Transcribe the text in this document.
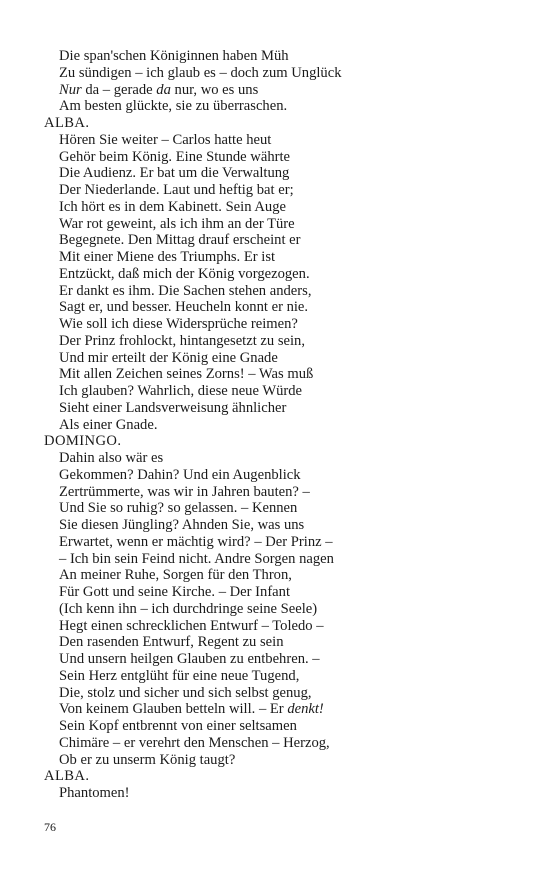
Die span'schen Königinnen haben Müh
Zu sündigen – ich glaub es – doch zum Unglück
Nur da – gerade da nur, wo es uns
Am besten glückte, sie zu überraschen.
ALBA.
Hören Sie weiter – Carlos hatte heut
Gehör beim König. Eine Stunde währte
Die Audienz. Er bat um die Verwaltung
Der Niederlande. Laut und heftig bat er;
Ich hört es in dem Kabinett. Sein Auge
War rot geweint, als ich ihm an der Türe
Begegnete. Den Mittag drauf erscheint er
Mit einer Miene des Triumphs. Er ist
Entzückt, daß mich der König vorgezogen.
Er dankt es ihm. Die Sachen stehen anders,
Sagt er, und besser. Heucheln konnt er nie.
Wie soll ich diese Widersprüche reimen?
Der Prinz frohlockt, hintangesetzt zu sein,
Und mir erteilt der König eine Gnade
Mit allen Zeichen seines Zorns! – Was muß
Ich glauben? Wahrlich, diese neue Würde
Sieht einer Landsverweisung ähnlicher
Als einer Gnade.
DOMINGO.
Dahin also wär es
Gekommen? Dahin? Und ein Augenblick
Zertrümmerte, was wir in Jahren bauten? –
Und Sie so ruhig? so gelassen. – Kennen
Sie diesen Jüngling? Ahnden Sie, was uns
Erwartet, wenn er mächtig wird? – Der Prinz –
– Ich bin sein Feind nicht. Andre Sorgen nagen
An meiner Ruhe, Sorgen für den Thron,
Für Gott und seine Kirche. – Der Infant
(Ich kenn ihn – ich durchdringe seine Seele)
Hegt einen schrecklichen Entwurf – Toledo –
Den rasenden Entwurf, Regent zu sein
Und unsern heilgen Glauben zu entbehren. –
Sein Herz entglüht für eine neue Tugend,
Die, stolz und sicher und sich selbst genug,
Von keinem Glauben betteln will. – Er denkt!
Sein Kopf entbrennt von einer seltsamen
Chimäre – er verehrt den Menschen – Herzog,
Ob er zu unserm König taugt?
ALBA.
Phantomen!
76
